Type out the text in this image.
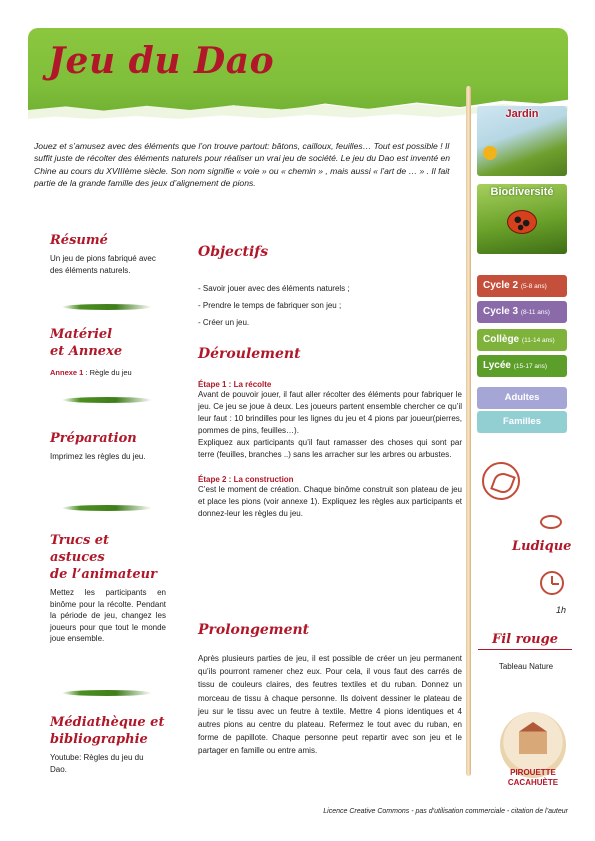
Jeu du Dao

Jouez et s’amusez avec des éléments que l’on trouve partout: bâtons, cailloux, feuilles… Tout est possible ! Il suffit juste de récolter des éléments naturels pour réaliser un vrai jeu de société. Le jeu du Dao est inventé en Chine au cours du XVIIIème siècle. Son nom signifie « voie » ou « chemin » , mais aussi « l’art de … » . Il fait partie de la grande famille des jeux d’alignement de pions.

Résumé
Un jeu de pions fabriqué avec des éléments naturels.
Matériel
et Annexe
Annexe 1 : Règle du jeu
Préparation
Imprimez les règles du jeu.
Trucs et astuces
de l’animateur
Mettez les participants en binôme pour la récolte. Pendant la période de jeu, changez les joueurs pour que tout le monde joue ensemble.
Médiathèque et
bibliographie
Youtube: Règles du jeu du Dao.
Objectifs
- Savoir jouer avec des éléments naturels ;
- Prendre le temps de fabriquer son jeu ;
- Créer un jeu.
Déroulement
Étape 1 : La récolte
Avant de pouvoir jouer, il faut aller récolter des éléments pour fabriquer le jeu. Ce jeu se joue à deux. Les joueurs partent ensemble chercher ce qu’il leur faut : 10 brindilles pour les lignes du jeu et 4 pions par joueur(pierres, pommes de pins, feuilles…).
Expliquez aux participants qu’il faut ramasser des choses qui sont par terre (feuilles, branches ..) sans les arracher sur les arbres ou arbustes.
Étape 2 : La construction
C’est le moment de création. Chaque binôme construit son plateau de jeu et place les pions (voir annexe 1). Expliquez les règles aux participants et donnez-leur les règles du jeu.
Prolongement
Après plusieurs parties de jeu, il est possible de créer un jeu permanent qu’ils pourront ramener chez eux. Pour cela, il vous faut des carrés de tissu de couleurs claires, des feutres textiles et du ruban. Donnez un morceau de tissu à chaque personne. Ils doivent dessiner le plateau de jeu sur le tissu avec un feutre à textile. Mettre 4 pions identiques et 4 autres pions au centre du plateau. Refermez le tout avec du ruban, en forme de papillote. Chaque personne peut repartir avec son jeu et le partager en famille ou entre amis.
Jardin
Biodiversité
Cycle 2 (5-8 ans)
Cycle 3 (8-11 ans)
Collège (11-14 ans)
Lycée (15-17 ans)
Adultes
Familles
Ludique
1h
Fil rouge
Tableau Nature
PIROUETTE
CACAHUÈTE
Licence Creative Commons - pas d’utilisation commerciale - citation de l’auteur
